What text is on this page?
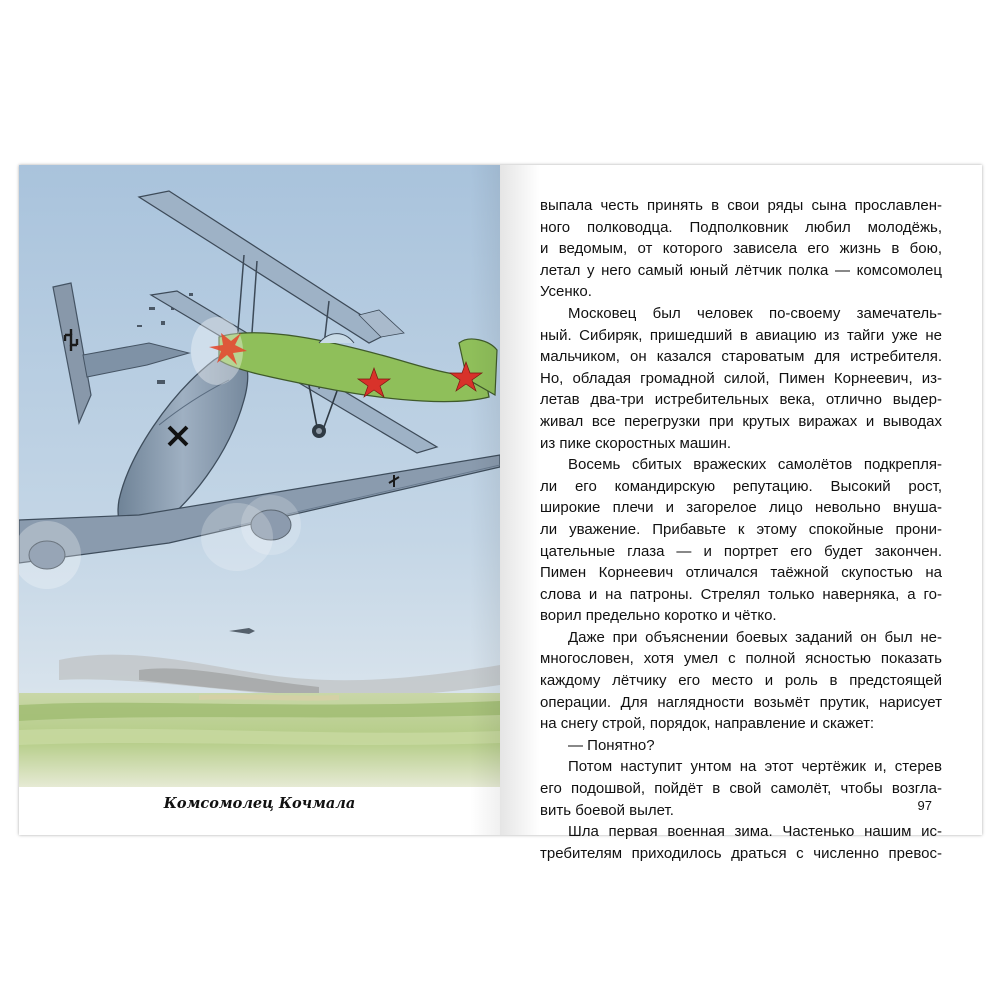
Комсомолец Кочмала

выпала честь принять в свои ряды сына прославлен-
ного полководца. Подполковник любил молодёжь,
и ведомым, от которого зависела его жизнь в бою,
летал у него самый юный лётчик полка — комсомолец
Усенко.

Московец был человек по-своему замечатель-
ный. Сибиряк, пришедший в авиацию из тайги уже не
мальчиком, он казался староватым для истребителя.
Но, обладая громадной силой, Пимен Корнеевич, из-
летав два-три истребительных века, отлично выдер-
живал все перегрузки при крутых виражах и выводах
из пике скоростных машин.

Восемь сбитых вражеских самолётов подкрепля-
ли его командирскую репутацию. Высокий рост,
широкие плечи и загорелое лицо невольно внуша-
ли уважение. Прибавьте к этому спокойные прони-
цательные глаза — и портрет его будет закончен.
Пимен Корнеевич отличался таёжной скупостью на
слова и на патроны. Стрелял только наверняка, а го-
ворил предельно коротко и чётко.

Даже при объяснении боевых заданий он был не-
многословен, хотя умел с полной ясностью показать
каждому лётчику его место и роль в предстоящей
операции. Для наглядности возьмёт прутик, нарисует
на снегу строй, порядок, направление и скажет:

— Понятно?

Потом наступит унтом на этот чертёжик и, стерев
его подошвой, пойдёт в свой самолёт, чтобы возгла-
вить боевой вылет.

Шла первая военная зима. Частенько нашим ис-
требителям приходилось драться с численно превос-

97
